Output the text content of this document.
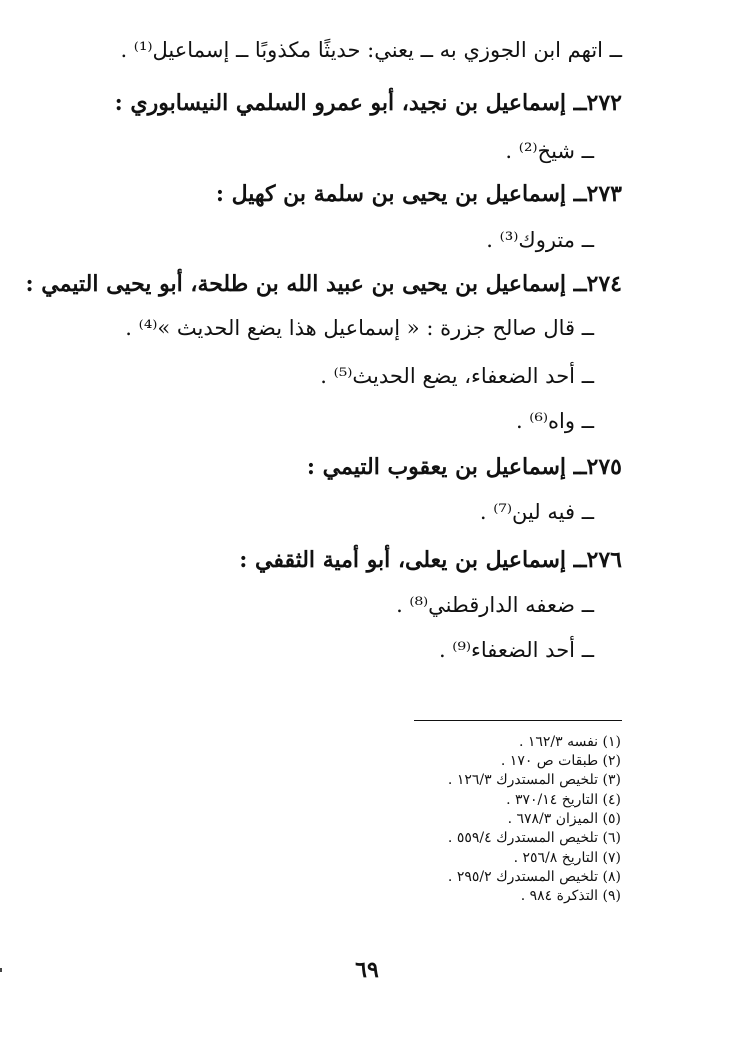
ــ اتهم ابن الجوزي به ــ يعني: حديثًا مكذوبًا ــ إسماعيل⁽¹⁾ .
٢٧٢ــ إسماعيل بن نجيد، أبو عمرو السلمي النيسابوري :
ــ شيخ⁽²⁾ .
٢٧٣ــ إسماعيل بن يحيى بن سلمة بن كهيل :
ــ متروك⁽³⁾ .
٢٧٤ــ إسماعيل بن يحيى بن عبيد الله بن طلحة، أبو يحيى التيمي :
ــ قال صالح جزرة : « إسماعيل هذا يضع الحديث »⁽⁴⁾ .
ــ أحد الضعفاء، يضع الحديث⁽⁵⁾ .
ــ واه⁽⁶⁾ .
٢٧٥ــ إسماعيل بن يعقوب التيمي :
ــ فيه لين⁽⁷⁾ .
٢٧٦ــ إسماعيل بن يعلى، أبو أمية الثقفي :
ــ ضعفه الدارقطني⁽⁸⁾ .
ــ أحد الضعفاء⁽⁹⁾ .
(١) نفسه ١٦٢/٣ .
(٢) طبقات ص ١٧٠ .
(٣) تلخيص المستدرك ١٢٦/٣ .
(٤) التاريخ ٣٧٠/١٤ .
(٥) الميزان ٦٧٨/٣ .
(٦) تلخيص المستدرك ٥٥٩/٤ .
(٧) التاريخ ٢٥٦/٨ .
(٨) تلخيص المستدرك ٢٩٥/٢ .
(٩) التذكرة ٩٨٤ .
٦٩
